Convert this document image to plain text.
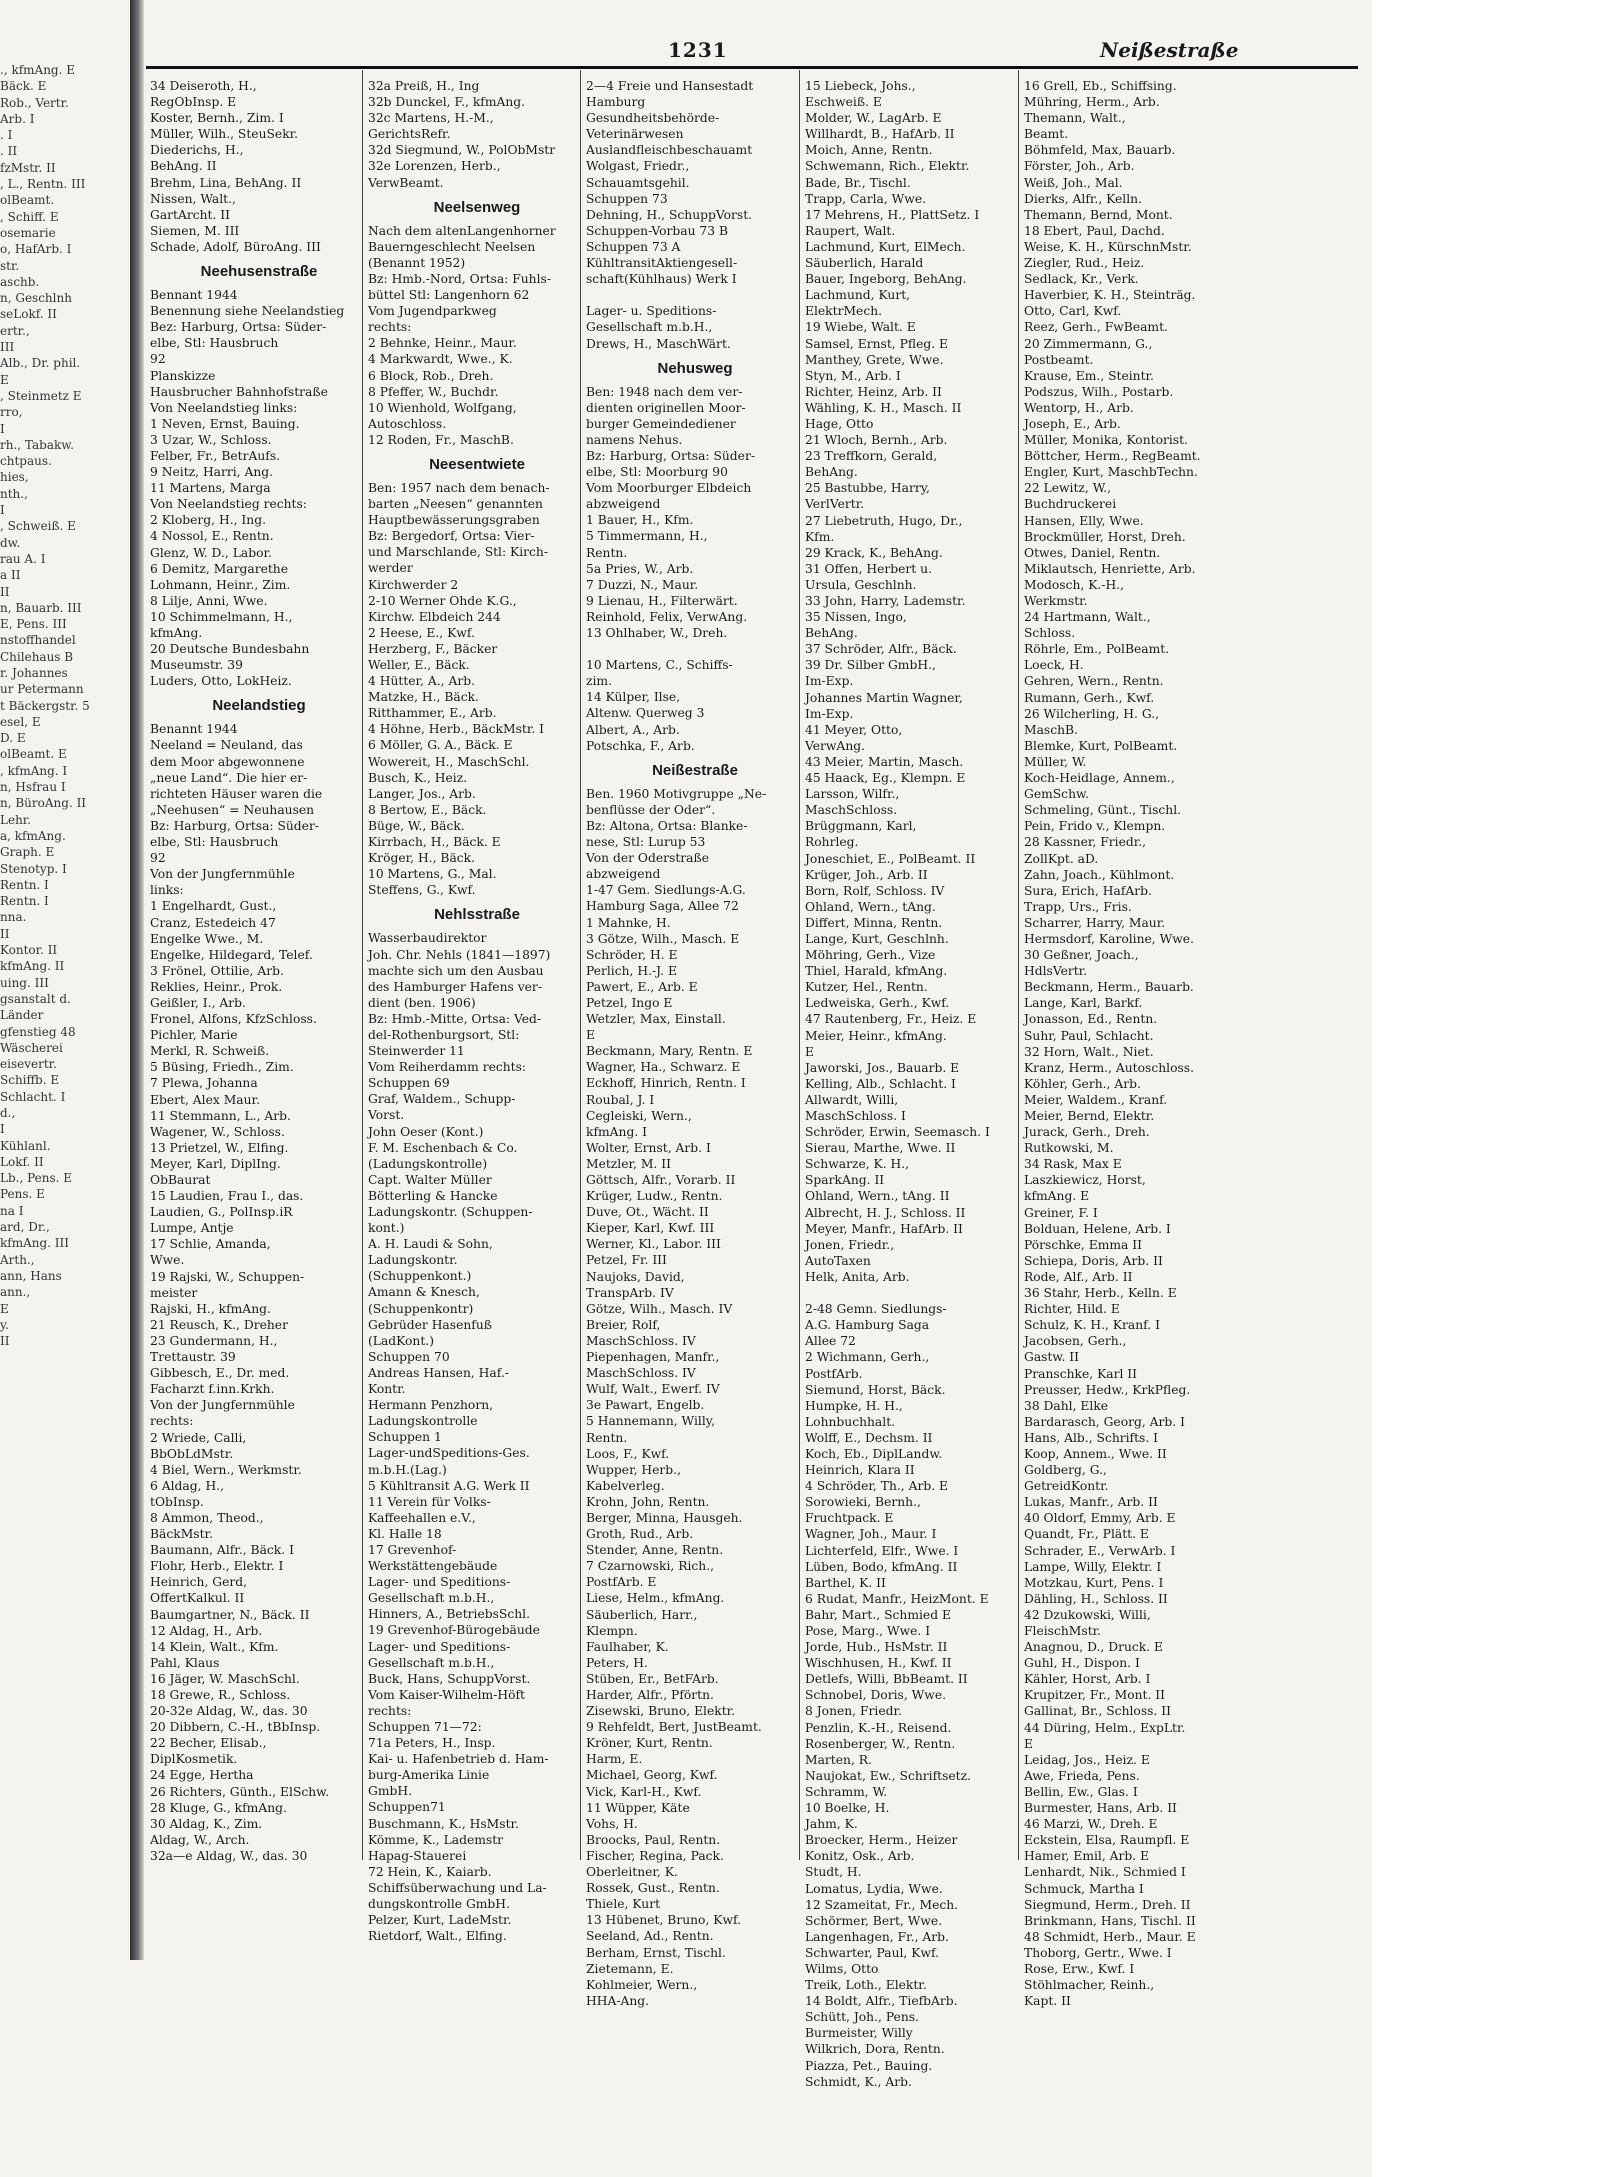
., kfmAng. E
Bäck. E
Rob., Vertr.
Arb. I
. I
. II
fzMstr. II
, L., Rentn. III
olBeamt.
, Schiff. E
osemarie
o, HafArb. I
str.
aschb.
n, Geschlnh
seLokf. II
ertr.,
III
Alb., Dr. phil.
E
, Steinmetz E
rro,
I
rh., Tabakw.
chtpaus.
hies,
nth.,
I
, Schweiß. E
dw.
rau A. I
a II
II
n, Bauarb. III
E, Pens. III
nstoffhandel
Chilehaus B
r. Johannes
ur Petermann
t Bäckergstr. 5
esel, E
D. E
olBeamt. E
, kfmAng. I
n, Hsfrau I
n, BüroAng. II
Lehr.
a, kfmAng.
Graph. E
Stenotyp. I
Rentn. I
Rentn. I
nna.
II
Kontor. II
kfmAng. II
uing. III
gsanstalt d.
Länder
gfenstieg 48
Wäscherei
eisevertr.
Schiffb. E
Schlacht. I
d.,
I
Kühlanl.
Lokf. II
Lb., Pens. E
Pens. E
na I
ard, Dr.,
kfmAng. III
Arth.,
ann, Hans
ann.,
E
y.
II
1231	Neißestraße
34 Deiseroth, H.,
RegObInsp. E
Koster, Bernh., Zim. I
Müller, Wilh., SteuSekr.
Diederichs, H.,
BehAng. II
Brehm, Lina, BehAng. II
Nissen, Walt.,
GartArcht. II
Siemen, M. III
Schade, Adolf, BüroAng. III
Neehusenstraße
Bennant 1944
Benennung siehe Neelandstieg
Bez: Harburg, Ortsa: Süder-
elbe, Stl: Hausbruch
92
Planskizze
Hausbrucher Bahnhofstraße
Von Neelandstieg links:
1 Neven, Ernst, Bauing.
3 Uzar, W., Schloss.
Felber, Fr., BetrAufs.
9 Neitz, Harri, Ang.
11 Martens, Marga
Von Neelandstieg rechts:
2 Kloberg, H., Ing.
4 Nossol, E., Rentn.
Glenz, W. D., Labor.
6 Demitz, Margarethe
Lohmann, Heinr., Zim.
8 Lilje, Anni, Wwe.
10 Schimmelmann, H.,
kfmAng.
20 Deutsche Bundesbahn
Museumstr. 39
Luders, Otto, LokHeiz.
Neelandstieg
Benannt 1944
Neeland = Neuland, das
dem Moor abgewonnene
„neue Land“. Die hier er-
richteten Häuser waren die
„Neehusen“ = Neuhausen
Bz: Harburg, Ortsa: Süder-
elbe, Stl: Hausbruch
92
Von der Jungfernmühle
links:
1 Engelhardt, Gust.,
Cranz, Estedeich 47
Engelke Wwe., M.
Engelke, Hildegard, Telef.
3 Frönel, Ottilie, Arb.
Reklies, Heinr., Prok.
Geißler, I., Arb.
Fronel, Alfons, KfzSchloss.
Pichler, Marie
Merkl, R. Schweiß.
5 Büsing, Friedh., Zim.
7 Plewa, Johanna
Ebert, Alex Maur.
11 Stemmann, L., Arb.
Wagener, W., Schloss.
13 Prietzel, W., Elfing.
Meyer, Karl, DiplIng.
ObBaurat
15 Laudien, Frau I., das.
Laudien, G., PolInsp.iR
Lumpe, Antje
17 Schlie, Amanda,
Wwe.
19 Rajski, W., Schuppen-
meister
Rajski, H., kfmAng.
21 Reusch, K., Dreher
23 Gundermann, H.,
Trettaustr. 39
Gibbesch, E., Dr. med.
Facharzt f.inn.Krkh.
Von der Jungfernmühle
rechts:
2 Wriede, Calli,
BbObLdMstr.
4 Biel, Wern., Werkmstr.
6 Aldag, H.,
tObInsp.
8 Ammon, Theod.,
BäckMstr.
Baumann, Alfr., Bäck. I
Flohr, Herb., Elektr. I
Heinrich, Gerd,
OffertKalkul. II
Baumgartner, N., Bäck. II
12 Aldag, H., Arb.
14 Klein, Walt., Kfm.
Pahl, Klaus
16 Jäger, W. MaschSchl.
18 Grewe, R., Schloss.
20-32e Aldag, W., das. 30
20 Dibbern, C.-H., tBbInsp.
22 Becher, Elisab.,
DiplKosmetik.
24 Egge, Hertha
26 Richters, Günth., ElSchw.
28 Kluge, G., kfmAng.
30 Aldag, K., Zim.
Aldag, W., Arch.
32a—e Aldag, W., das. 30
32a Preiß, H., Ing
32b Dunckel, F., kfmAng.
32c Martens, H.-M.,
GerichtsRefr.
32d Siegmund, W., PolObMstr
32e Lorenzen, Herb.,
VerwBeamt.
Neelsenweg
Nach dem altenLangenhorner
Bauerngeschlecht Neelsen
(Benannt 1952)
Bz: Hmb.-Nord, Ortsa: Fuhls-
büttel Stl: Langenhorn 62
Vom Jugendparkweg
rechts:
2 Behnke, Heinr., Maur.
4 Markwardt, Wwe., K.
6 Block, Rob., Dreh.
8 Pfeffer, W., Buchdr.
10 Wienhold, Wolfgang,
Autoschloss.
12 Roden, Fr., MaschB.
Neesentwiete
Ben: 1957 nach dem benach-
barten „Neesen“ genannten
Hauptbewässerungsgraben
Bz: Bergedorf, Ortsa: Vier-
und Marschlande, Stl: Kirch-
werder
Kirchwerder 2
2-10 Werner Ohde K.G.,
Kirchw. Elbdeich 244
2 Heese, E., Kwf.
Herzberg, F., Bäcker
Weller, E., Bäck.
4 Hütter, A., Arb.
Matzke, H., Bäck.
Ritthammer, E., Arb.
4 Höhne, Herb., BäckMstr. I
6 Möller, G. A., Bäck. E
Wowereit, H., MaschSchl.
Busch, K., Heiz.
Langer, Jos., Arb.
8 Bertow, E., Bäck.
Büge, W., Bäck.
Kirrbach, H., Bäck. E
Kröger, H., Bäck.
10 Martens, G., Mal.
Steffens, G., Kwf.
Nehlsstraße
Wasserbaudirektor
Joh. Chr. Nehls (1841—1897)
machte sich um den Ausbau
des Hamburger Hafens ver-
dient (ben. 1906)
Bz: Hmb.-Mitte, Ortsa: Ved-
del-Rothenburgsort, Stl:
Steinwerder 11
Vom Reiherdamm rechts:
Schuppen 69
Graf, Waldem., Schupp-
Vorst.
John Oeser (Kont.)
F. M. Eschenbach & Co.
(Ladungskontrolle)
Capt. Walter Müller
Bötterling & Hancke
Ladungskontr. (Schuppen-
kont.)
A. H. Laudi & Sohn,
Ladungskontr.
(Schuppenkont.)
Amann & Knesch,
(Schuppenkontr)
Gebrüder Hasenfuß
(LadKont.)
Schuppen 70
Andreas Hansen, Haf.-
Kontr.
Hermann Penzhorn,
Ladungskontrolle
Schuppen 1
Lager-undSpeditions-Ges.
m.b.H.(Lag.)
5 Kühltransit A.G. Werk II
11 Verein für Volks-
Kaffeehallen e.V.,
Kl. Halle 18
17 Grevenhof-
Werkstättengebäude
Lager- und Speditions-
Gesellschaft m.b.H.,
Hinners, A., BetriebsSchl.
19 Grevenhof-Bürogebäude
Lager- und Speditions-
Gesellschaft m.b.H.,
Buck, Hans, SchuppVorst.
Vom Kaiser-Wilhelm-Höft
rechts:
Schuppen 71—72:
71a Peters, H., Insp.
Kai- u. Hafenbetrieb d. Ham-
burg-Amerika Linie
GmbH.
Schuppen71
Buschmann, K., HsMstr.
Kömme, K., Lademstr
Hapag-Stauerei
72 Hein, K., Kaiarb.
Schiffsüberwachung und La-
dungskontrolle GmbH.
Pelzer, Kurt, LadeMstr.
Rietdorf, Walt., Elfing.
2—4 Freie und Hansestadt
Hamburg
Gesundheitsbehörde-
Veterinärwesen
Auslandfleischbeschauamt
Wolgast, Friedr.,
Schauamtsgehil.
Schuppen 73
Dehning, H., SchuppVorst.
Schuppen-Vorbau 73 B
Schuppen 73 A
KühltransitAktiengesell-
schaft(Kühlhaus) Werk I

Lager- u. Speditions-
Gesellschaft m.b.H.,
Drews, H., MaschWärt.
Nehusweg
Ben: 1948 nach dem ver-
dienten originellen Moor-
burger Gemeindediener
namens Nehus.
Bz: Harburg, Ortsa: Süder-
elbe, Stl: Moorburg 90
Vom Moorburger Elbdeich
abzweigend
1 Bauer, H., Kfm.
5 Timmermann, H.,
Rentn.
5a Pries, W., Arb.
7 Duzzi, N., Maur.
9 Lienau, H., Filterwärt.
Reinhold, Felix, VerwAng.
13 Ohlhaber, W., Dreh.

10 Martens, C., Schiffs-
zim.
14 Külper, Ilse,
Altenw. Querweg 3
Albert, A., Arb.
Potschka, F., Arb.
Neißestraße
Ben. 1960 Motivgruppe „Ne-
benflüsse der Oder“.
Bz: Altona, Ortsa: Blanke-
nese, Stl: Lurup 53
Von der Oderstraße
abzweigend
1-47 Gem. Siedlungs-A.G.
Hamburg Saga, Allee 72
1 Mahnke, H.
3 Götze, Wilh., Masch. E
Schröder, H. E
Perlich, H.-J. E
Pawert, E., Arb. E
Petzel, Ingo E
Wetzler, Max, Einstall.
E
Beckmann, Mary, Rentn. E
Wagner, Ha., Schwarz. E
Eckhoff, Hinrich, Rentn. I
Roubal, J. I
Cegleiski, Wern.,
kfmAng. I
Wolter, Ernst, Arb. I
Metzler, M. II
Göttsch, Alfr., Vorarb. II
Krüger, Ludw., Rentn.
Duve, Ot., Wächt. II
Kieper, Karl, Kwf. III
Werner, Kl., Labor. III
Petzel, Fr. III
Naujoks, David,
TranspArb. IV
Götze, Wilh., Masch. IV
Breier, Rolf,
MaschSchloss. IV
Piepenhagen, Manfr.,
MaschSchloss. IV
Wulf, Walt., Ewerf. IV
3e Pawart, Engelb.
5 Hannemann, Willy,
Rentn.
Loos, F., Kwf.
Wupper, Herb.,
Kabelverleg.
Krohn, John, Rentn.
Berger, Minna, Hausgeh.
Groth, Rud., Arb.
Stender, Anne, Rentn.
7 Czarnowski, Rich.,
PostfArb. E
Liese, Helm., kfmAng.
Säuberlich, Harr.,
Klempn.
Faulhaber, K.
Peters, H.
Stüben, Er., BetFArb.
Harder, Alfr., Pförtn.
Zisewski, Bruno, Elektr.
9 Rehfeldt, Bert, JustBeamt.
Kröner, Kurt, Rentn.
Harm, E.
Michael, Georg, Kwf.
Vick, Karl-H., Kwf.
11 Wüpper, Käte
Vohs, H.
Broocks, Paul, Rentn.
Fischer, Regina, Pack.
Oberleitner, K.
Rossek, Gust., Rentn.
Thiele, Kurt
13 Hübenet, Bruno, Kwf.
Seeland, Ad., Rentn.
Berham, Ernst, Tischl.
Zietemann, E.
Kohlmeier, Wern.,
HHA-Ang.
15 Liebeck, Johs.,
Eschweiß. E
Molder, W., LagArb. E
Willhardt, B., HafArb. II
Moich, Anne, Rentn.
Schwemann, Rich., Elektr.
Bade, Br., Tischl.
Trapp, Carla, Wwe.
17 Mehrens, H., PlattSetz. I
Raupert, Walt.
Lachmund, Kurt, ElMech.
Säuberlich, Harald
Bauer, Ingeborg, BehAng.
Lachmund, Kurt,
ElektrMech.
19 Wiebe, Walt. E
Samsel, Ernst, Pfleg. E
Manthey, Grete, Wwe.
Styn, M., Arb. I
Richter, Heinz, Arb. II
Wähling, K. H., Masch. II
Hage, Otto
21 Wloch, Bernh., Arb.
23 Treffkorn, Gerald,
BehAng.
25 Bastubbe, Harry,
VerlVertr.
27 Liebetruth, Hugo, Dr.,
Kfm.
29 Krack, K., BehAng.
31 Offen, Herbert u.
Ursula, Geschlnh.
33 John, Harry, Lademstr.
35 Nissen, Ingo,
BehAng.
37 Schröder, Alfr., Bäck.
39 Dr. Silber GmbH.,
Im-Exp.
Johannes Martin Wagner,
Im-Exp.
41 Meyer, Otto,
VerwAng.
43 Meier, Martin, Masch.
45 Haack, Eg., Klempn. E
Larsson, Wilfr.,
MaschSchloss.
Brüggmann, Karl,
Rohrleg.
Joneschiet, E., PolBeamt. II
Krüger, Joh., Arb. II
Born, Rolf, Schloss. IV
Ohland, Wern., tAng.
Differt, Minna, Rentn.
Lange, Kurt, Geschlnh.
Möhring, Gerh., Vize
Thiel, Harald, kfmAng.
Kutzer, Hel., Rentn.
Ledweiska, Gerh., Kwf.
47 Rautenberg, Fr., Heiz. E
Meier, Heinr., kfmAng.
E
Jaworski, Jos., Bauarb. E
Kelling, Alb., Schlacht. I
Allwardt, Willi,
MaschSchloss. I
Schröder, Erwin, Seemasch. I
Sierau, Marthe, Wwe. II
Schwarze, K. H.,
SparkAng. II
Ohland, Wern., tAng. II
Albrecht, H. J., Schloss. II
Meyer, Manfr., HafArb. II
Jonen, Friedr.,
AutoTaxen
Helk, Anita, Arb.

2-48 Gemn. Siedlungs-
A.G. Hamburg Saga
Allee 72
2 Wichmann, Gerh.,
PostfArb.
Siemund, Horst, Bäck.
Humpke, H. H.,
Lohnbuchhalt.
Wolff, E., Dechsm. II
Koch, Eb., DiplLandw.
Heinrich, Klara II
4 Schröder, Th., Arb. E
Sorowieki, Bernh.,
Fruchtpack. E
Wagner, Joh., Maur. I
Lichterfeld, Elfr., Wwe. I
Lüben, Bodo, kfmAng. II
Barthel, K. II
6 Rudat, Manfr., HeizMont. E
Bahr, Mart., Schmied E
Pose, Marg., Wwe. I
Jorde, Hub., HsMstr. II
Wischhusen, H., Kwf. II
Detlefs, Willi, BbBeamt. II
Schnobel, Doris, Wwe.
8 Jonen, Friedr.
Penzlin, K.-H., Reisend.
Rosenberger, W., Rentn.
Marten, R.
Naujokat, Ew., Schriftsetz.
Schramm, W.
10 Boelke, H.
Jahm, K.
Broecker, Herm., Heizer
Konitz, Osk., Arb.
Studt, H.
Lomatus, Lydia, Wwe.
12 Szameitat, Fr., Mech.
Schörmer, Bert, Wwe.
Langenhagen, Fr., Arb.
Schwarter, Paul, Kwf.
Wilms, Otto
Treik, Loth., Elektr.
14 Boldt, Alfr., TiefbArb.
Schütt, Joh., Pens.
Burmeister, Willy
Wilkrich, Dora, Rentn.
Piazza, Pet., Bauing.
Schmidt, K., Arb.
16 Grell, Eb., Schiffsing.
Mühring, Herm., Arb.
Themann, Walt.,
Beamt.
Böhmfeld, Max, Bauarb.
Förster, Joh., Arb.
Weiß, Joh., Mal.
Dierks, Alfr., Kelln.
Themann, Bernd, Mont.
18 Ebert, Paul, Dachd.
Weise, K. H., KürschnMstr.
Ziegler, Rud., Heiz.
Sedlack, Kr., Verk.
Haverbier, K. H., Steinträg.
Otto, Carl, Kwf.
Reez, Gerh., FwBeamt.
20 Zimmermann, G.,
Postbeamt.
Krause, Em., Steintr.
Podszus, Wilh., Postarb.
Wentorp, H., Arb.
Joseph, E., Arb.
Müller, Monika, Kontorist.
Böttcher, Herm., RegBeamt.
Engler, Kurt, MaschbTechn.
22 Lewitz, W.,
Buchdruckerei
Hansen, Elly, Wwe.
Brockmüller, Horst, Dreh.
Otwes, Daniel, Rentn.
Miklautsch, Henriette, Arb.
Modosch, K.-H.,
Werkmstr.
24 Hartmann, Walt.,
Schloss.
Röhrle, Em., PolBeamt.
Loeck, H.
Gehren, Wern., Rentn.
Rumann, Gerh., Kwf.
26 Wilcherling, H. G.,
MaschB.
Blemke, Kurt, PolBeamt.
Müller, W.
Koch-Heidlage, Annem.,
GemSchw.
Schmeling, Günt., Tischl.
Pein, Frido v., Klempn.
28 Kassner, Friedr.,
ZollKpt. aD.
Zahn, Joach., Kühlmont.
Sura, Erich, HafArb.
Trapp, Urs., Fris.
Scharrer, Harry, Maur.
Hermsdorf, Karoline, Wwe.
30 Geßner, Joach.,
HdlsVertr.
Beckmann, Herm., Bauarb.
Lange, Karl, Barkf.
Jonasson, Ed., Rentn.
Suhr, Paul, Schlacht.
32 Horn, Walt., Niet.
Kranz, Herm., Autoschloss.
Köhler, Gerh., Arb.
Meier, Waldem., Kranf.
Meier, Bernd, Elektr.
Jurack, Gerh., Dreh.
Rutkowski, M.
34 Rask, Max E
Laszkiewicz, Horst,
kfmAng. E
Greiner, F. I
Bolduan, Helene, Arb. I
Pörschke, Emma II
Schiepa, Doris, Arb. II
Rode, Alf., Arb. II
36 Stahr, Herb., Kelln. E
Richter, Hild. E
Schulz, K. H., Kranf. I
Jacobsen, Gerh.,
Gastw. II
Pranschke, Karl II
Preusser, Hedw., KrkPfleg.
38 Dahl, Elke
Bardarasch, Georg, Arb. I
Hans, Alb., Schrifts. I
Koop, Annem., Wwe. II
Goldberg, G.,
GetreidKontr.
Lukas, Manfr., Arb. II
40 Oldorf, Emmy, Arb. E
Quandt, Fr., Plätt. E
Schrader, E., VerwArb. I
Lampe, Willy, Elektr. I
Motzkau, Kurt, Pens. I
Dähling, H., Schloss. II
42 Dzukowski, Willi,
FleischMstr.
Anagnou, D., Druck. E
Guhl, H., Dispon. I
Kähler, Horst, Arb. I
Krupitzer, Fr., Mont. II
Gallinat, Br., Schloss. II
44 Düring, Helm., ExpLtr.
E
Leidag, Jos., Heiz. E
Awe, Frieda, Pens.
Bellin, Ew., Glas. I
Burmester, Hans, Arb. II
46 Marzi, W., Dreh. E
Eckstein, Elsa, Raumpfl. E
Hamer, Emil, Arb. E
Lenhardt, Nik., Schmied I
Schmuck, Martha I
Siegmund, Herm., Dreh. II
Brinkmann, Hans, Tischl. II
48 Schmidt, Herb., Maur. E
Thoborg, Gertr., Wwe. I
Rose, Erw., Kwf. I
Stöhlmacher, Reinh.,
Kapt. II
